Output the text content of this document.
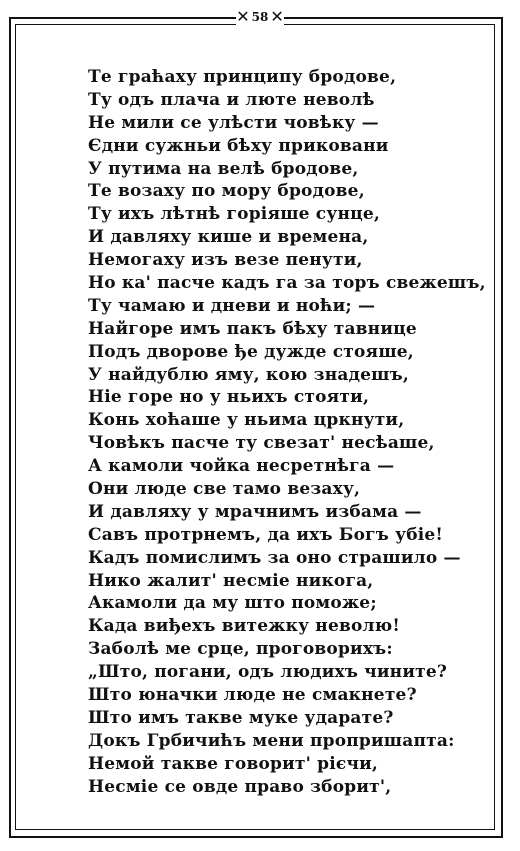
✕ 58 ✕
Те граћаху принципу бродове,
Ту одъ плача и люте неволѣ
Не мили се улѣсти човѣку —
Єдни сужньи бѣху приковани
У путима на велѣ бродове,
Те возаху по мору бродове,
Ту ихъ лѣтнѣ горіяше сунце,
И давляху кише и времена,
Немогаху изъ везе пенути,
Но ка' пасче кадъ га за торъ свежешъ,
Ту чамаю и дневи и ноћи; —
Найгоре имъ пакъ бѣху тавнице
Подъ дворове ђе дужде стояше,
У найдублю яму, кою знадешъ,
Ніе горе но у ньихъ стояти,
Конь хоћаше у ньима цркнути,
Човѣкъ пасче ту свезат' несѣаше,
А камоли чойка несретнѣга —
Они люде све тамо везаху,
И давляху у мрачнимъ избама —
Савъ протрнемъ, да ихъ Богъ убіе!
Кадъ помислимъ за оно страшило —
Нико жалит' несміе никога,
Акамоли да му што поможе;
Када виђехъ витежку неволю!
Заболѣ ме срце, проговорихъ:
„Што, погани, одъ людихъ чините?
Што юначки люде не смакнете?
Што имъ такве муке ударате?
Докъ Грбичићъ мени пропришапта:
Немой такве говорит' рієчи,
Несміе се овде право зборит',
